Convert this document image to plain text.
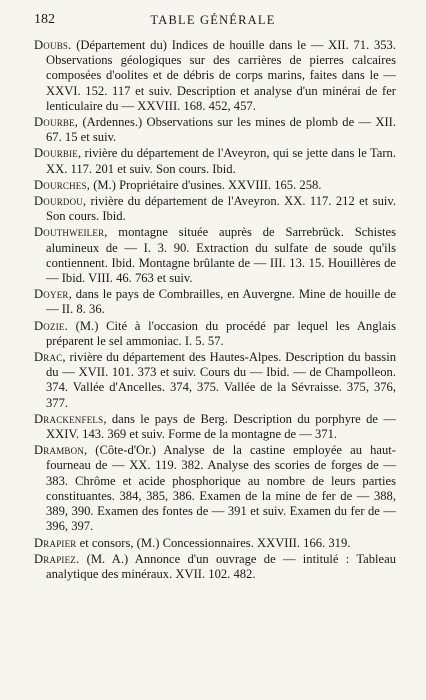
182	TABLE GÉNÉRALE

Doubs. (Département du) Indices de houille dans le — XII. 71. 353. Observations géologiques sur des carrières de pierres calcaires composées d'oolites et de débris de corps marins, faites dans le — XXVI. 152. 117 et suiv. Description et analyse d'un minérai de fer lenticulaire du — XXVIII. 168. 452, 457.

Dourbe, (Ardennes.) Observations sur les mines de plomb de — XII. 67. 15 et suiv.

Dourbie, rivière du département de l'Aveyron, qui se jette dans le Tarn. XX. 117. 201 et suiv. Son cours. Ibid.

Dourches, (M.) Propriétaire d'usines. XXVIII. 165. 258.

Dourdou, rivière du département de l'Aveyron. XX. 117. 212 et suiv. Son cours. Ibid.

Douthweiler, montagne située auprès de Sarrebrück. Schistes alumineux de — I. 3. 90. Extraction du sulfate de soude qu'ils contiennent. Ibid. Montagne brûlante de — III. 13. 15. Houillères de — Ibid. VIII. 46. 763 et suiv.

Doyer, dans le pays de Combrailles, en Auvergne. Mine de houille de — II. 8. 36.

Dozie. (M.) Cité à l'occasion du procédé par lequel les Anglais préparent le sel ammoniac. I. 5. 57.

Drac, rivière du département des Hautes-Alpes. Description du bassin du — XVII. 101. 373 et suiv. Cours du — Ibid. — de Champolleon. 374. Vallée d'Ancelles. 374, 375. Vallée de la Sévraisse. 375, 376, 377.

Drackenfels, dans le pays de Berg. Description du porphyre de — XXIV. 143. 369 et suiv. Forme de la montagne de — 371.

Drambon, (Côte-d'Or.) Analyse de la castine employée au haut-fourneau de — XX. 119. 382. Analyse des scories de forges de — 383. Chrôme et acide phosphorique au nombre de leurs parties constituantes. 384, 385, 386. Examen de la mine de fer de — 388, 389, 390. Examen des fontes de — 391 et suiv. Examen du fer de — 396, 397.

Drapier et consors, (M.) Concessionnaires. XXVIII. 166. 319.

Drapiez. (M. A.) Annonce d'un ouvrage de — intitulé : Tableau analytique des minéraux. XVII. 102. 482.
